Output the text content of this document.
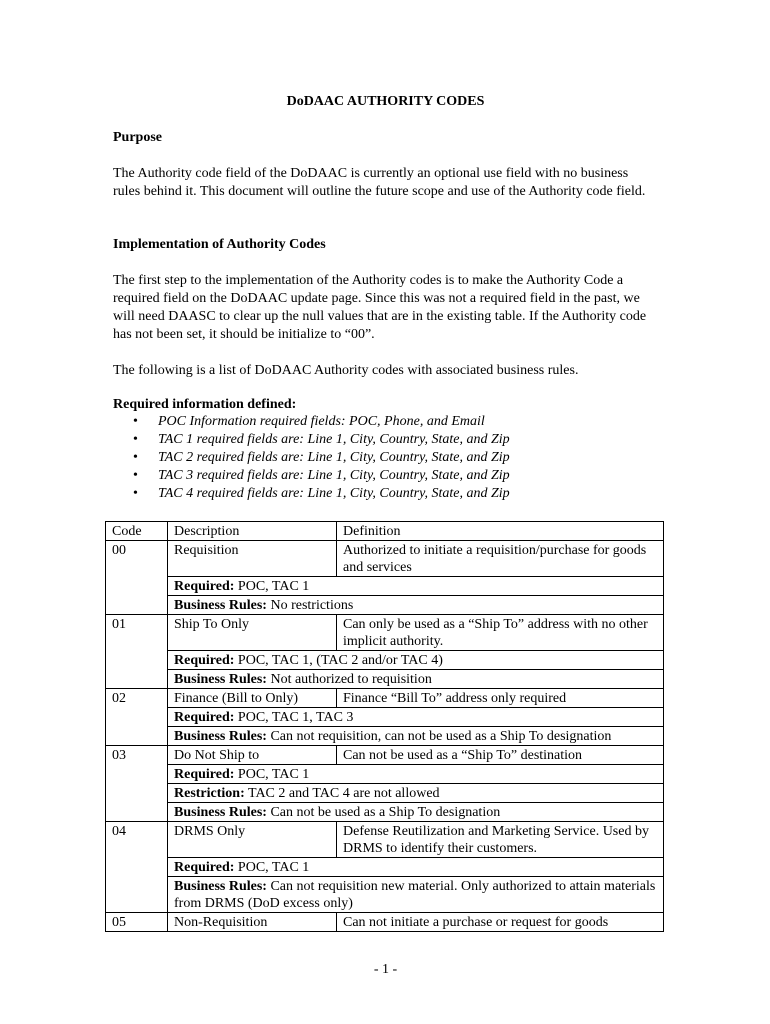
DoDAAC AUTHORITY CODES
Purpose
The Authority code field of the DoDAAC is currently an optional use field with no business rules behind it. This document will outline the future scope and use of the Authority code field.
Implementation of Authority Codes
The first step to the implementation of the Authority codes is to make the Authority Code a required field on the DoDAAC update page. Since this was not a required field in the past, we will need DAASC to clear up the null values that are in the existing table. If the Authority code has not been set, it should be initialize to “00”.
The following is a list of DoDAAC Authority codes with associated business rules.
Required information defined:
• POC Information required fields: POC, Phone, and Email
• TAC 1 required fields are: Line 1, City, Country, State, and Zip
• TAC 2 required fields are: Line 1, City, Country, State, and Zip
• TAC 3 required fields are: Line 1, City, Country, State, and Zip
• TAC 4 required fields are: Line 1, City, Country, State, and Zip
Code	Description	Definition
00	Requisition	Authorized to initiate a requisition/purchase for goods and services
	Required: POC, TAC 1	
	Business Rules: No restrictions	
01	Ship To Only	Can only be used as a “Ship To” address with no other implicit authority.
	Required: POC, TAC 1, (TAC 2 and/or TAC 4)	
	Business Rules: Not authorized to requisition	
02	Finance (Bill to Only)	Finance “Bill To” address only required
	Required: POC, TAC 1, TAC 3	
	Business Rules: Can not requisition, can not be used as a Ship To designation	
03	Do Not Ship to	Can not be used as a “Ship To” destination
	Required: POC, TAC 1	
	Restriction: TAC 2 and TAC 4 are not allowed	
	Business Rules: Can not be used as a Ship To designation	
04	DRMS Only	Defense Reutilization and Marketing Service. Used by DRMS to identify their customers.
	Required: POC, TAC 1	
	Business Rules: Can not requisition new material. Only authorized to attain materials from DRMS (DoD excess only)	
05	Non-Requisition	Can not initiate a purchase or request for goods
- 1 -
